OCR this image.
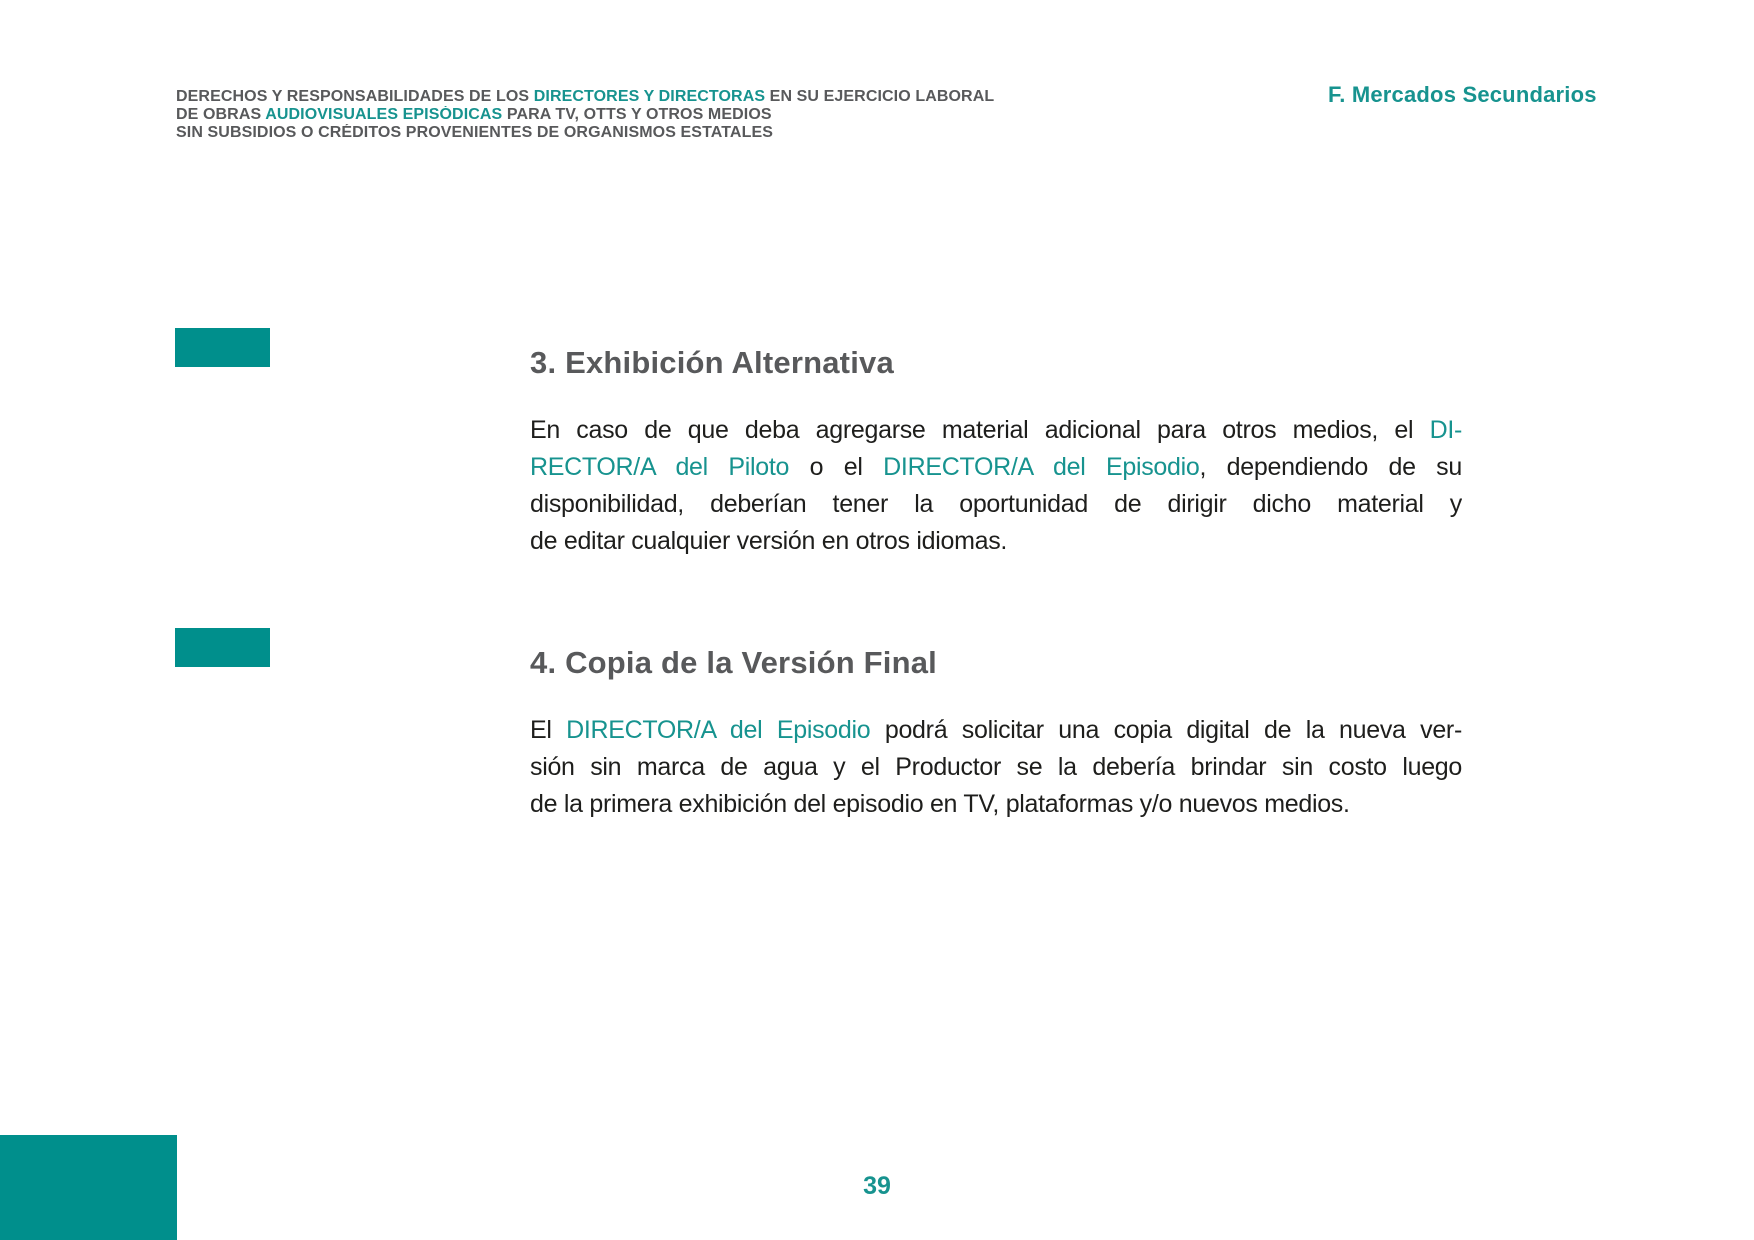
DERECHOS Y RESPONSABILIDADES DE LOS DIRECTORES Y DIRECTORAS EN SU EJERCICIO LABORAL
DE OBRAS AUDIOVISUALES EPISÓDICAS PARA TV, OTTS Y OTROS MEDIOS
SIN SUBSIDIOS O CRÉDITOS PROVENIENTES DE ORGANISMOS ESTATALES
F. Mercados Secundarios
3. Exhibición Alternativa
En caso de que deba agregarse material adicional para otros medios, el DI-
RECTOR/A del Piloto o el DIRECTOR/A del Episodio, dependiendo de su
disponibilidad, deberían tener la oportunidad de dirigir dicho material y
de editar cualquier versión en otros idiomas.
4. Copia de la Versión Final
El DIRECTOR/A del Episodio podrá solicitar una copia digital de la nueva ver-
sión sin marca de agua y el Productor se la debería brindar sin costo luego
de la primera exhibición del episodio en TV, plataformas y/o nuevos medios.
39
